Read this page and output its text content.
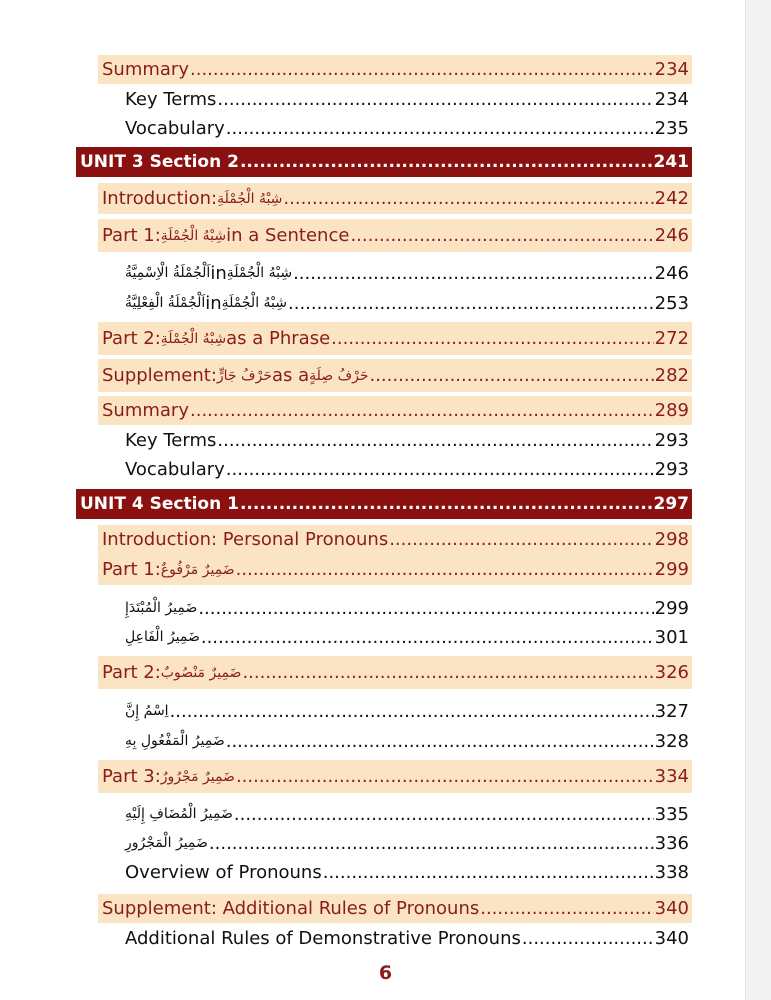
Summary .....	234
Key Terms .....	234
Vocabulary .....	235
UNIT 3 Section 2 .....	241
Introduction: شِبْهُ الْجُمْلَةِ .....	242
Part 1: شِبْهُ الْجُمْلَةِ in a Sentence .....	246
اَلْجُمْلَةُ الْاِسْمِيَّةُ in شِبْهُ الْجُمْلَةِ .....	246
اَلْجُمْلَةُ الْفِعْلِيَّةُ in شِبْهُ الْجُمْلَةِ .....	253
Part 2: شِبْهُ الْجُمْلَةِ as a Phrase .....	272
Supplement: حَرْفُ جَارٍّ as a حَرْفُ صِلَةٍ .....	282
Summary .....	289
Key Terms .....	293
Vocabulary .....	293
UNIT 4 Section 1 .....	297
Introduction: Personal Pronouns .....	298
Part 1: ضَمِيرٌ مَرْفُوعٌ .....	299
ضَمِيرُ الْمُبْتَدَإِ .....	299
ضَمِيرُ الْفَاعِلِ .....	301
Part 2: ضَمِيرٌ مَنْصُوبٌ .....	326
اِسْمُ إِنَّ .....	327
ضَمِيرُ الْمَفْعُولِ بِهِ .....	328
Part 3: ضَمِيرٌ مَجْرُورٌ .....	334
ضَمِيرُ الْمُضَافِ إِلَيْهِ .....	335
ضَمِيرُ الْمَجْرُورِ .....	336
Overview of Pronouns .....	338
Supplement: Additional Rules of Pronouns .....	340
Additional Rules of Demonstrative Pronouns .....	340
6
